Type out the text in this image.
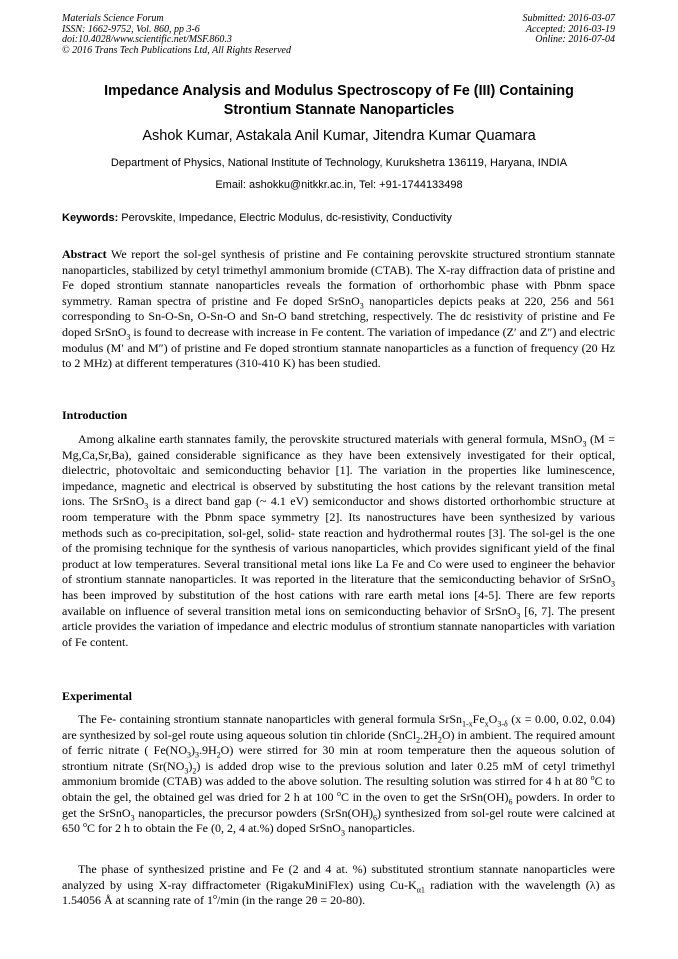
Materials Science Forum
ISSN: 1662-9752, Vol. 860, pp 3-6
doi:10.4028/www.scientific.net/MSF.860.3
© 2016 Trans Tech Publications Ltd, All Rights Reserved
Submitted: 2016-03-07
Accepted: 2016-03-19
Online: 2016-07-04
Impedance Analysis and Modulus Spectroscopy of Fe (III) Containing
Strontium Stannate Nanoparticles
Ashok Kumar, Astakala Anil Kumar, Jitendra Kumar Quamara
Department of Physics, National Institute of Technology, Kurukshetra 136119, Haryana, INDIA
Email: ashokku@nitkkr.ac.in, Tel: +91-1744133498
Keywords: Perovskite, Impedance, Electric Modulus, dc-resistivity, Conductivity

Abstract We report the sol-gel synthesis of pristine and Fe containing perovskite structured strontium stannate nanoparticles, stabilized by cetyl trimethyl ammonium bromide (CTAB). The X-ray diffraction data of pristine and Fe doped strontium stannate nanoparticles reveals the formation of orthorhombic phase with Pbnm space symmetry. Raman spectra of pristine and Fe doped SrSnO$_3$ nanoparticles depicts peaks at 220, 256 and 561 corresponding to Sn-O-Sn, O-Sn-O and Sn-O band stretching, respectively. The dc resistivity of pristine and Fe doped SrSnO$_3$ is found to decrease with increase in Fe content. The variation of impedance (Z′ and Z″) and electric modulus (M′ and M″) of pristine and Fe doped strontium stannate nanoparticles as a function of frequency (20 Hz to 2 MHz) at different temperatures (310-410 K) has been studied.

Introduction

Among alkaline earth stannates family, the perovskite structured materials with general formula, MSnO$_3$ (M = Mg,Ca,Sr,Ba), gained considerable significance as they have been extensively investigated for their optical, dielectric, photovoltaic and semiconducting behavior [1]. The variation in the properties like luminescence, impedance, magnetic and electrical is observed by substituting the host cations by the relevant transition metal ions. The SrSnO$_3$ is a direct band gap (~ 4.1 eV) semiconductor and shows distorted orthorhombic structure at room temperature with the Pbnm space symmetry [2]. Its nanostructures have been synthesized by various methods such as co-precipitation, sol-gel, solid- state reaction and hydrothermal routes [3]. The sol-gel is the one of the promising technique for the synthesis of various nanoparticles, which provides significant yield of the final product at low temperatures. Several transitional metal ions like La Fe and Co were used to engineer the behavior of strontium stannate nanoparticles. It was reported in the literature that the semiconducting behavior of SrSnO$_3$ has been improved by substitution of the host cations with rare earth metal ions [4-5]. There are few reports available on influence of several transition metal ions on semiconducting behavior of SrSnO$_3$ [6, 7]. The present article provides the variation of impedance and electric modulus of strontium stannate nanoparticles with variation of Fe content.

Experimental

The Fe- containing strontium stannate nanoparticles with general formula $SrSn_{1-x}Fe_xO_{3-\delta}$ (x = 0.00, 0.02, 0.04) are synthesized by sol-gel route using aqueous solution tin chloride $(SnCl_2.2H_2O)$ in ambient. The required amount of ferric nitrate ( $Fe(NO_3)_3.9H_2O$) were stirred for 30 min at room temperature then the aqueous solution of strontium nitrate $(Sr(NO_3)_2)$ is added drop wise to the previous solution and later 0.25 mM of cetyl trimethyl ammonium bromide (CTAB) was added to the above solution. The resulting solution was stirred for 4 h at 80 $^o$C to obtain the gel, the obtained gel was dried for 2 h at 100 $^o$C in the oven to get the $SrSn(OH)_6$ powders. In order to get the SrSnO$_3$ nanoparticles, the precursor powders $(SrSn(OH)_6)$ synthesized from sol-gel route were calcined at 650 $^o$C for 2 h to obtain the Fe (0, 2, 4 at.%) doped SrSnO$_3$ nanoparticles.

The phase of synthesized pristine and Fe (2 and 4 at. %) substituted strontium stannate nanoparticles were analyzed by using X-ray diffractometer (RigakuMiniFlex) using $Cu-K_{\alpha 1}$ radiation with the wavelength (λ) as 1.54056 Å at scanning rate of 1$^o$/min (in the range 2θ = 20-80).
